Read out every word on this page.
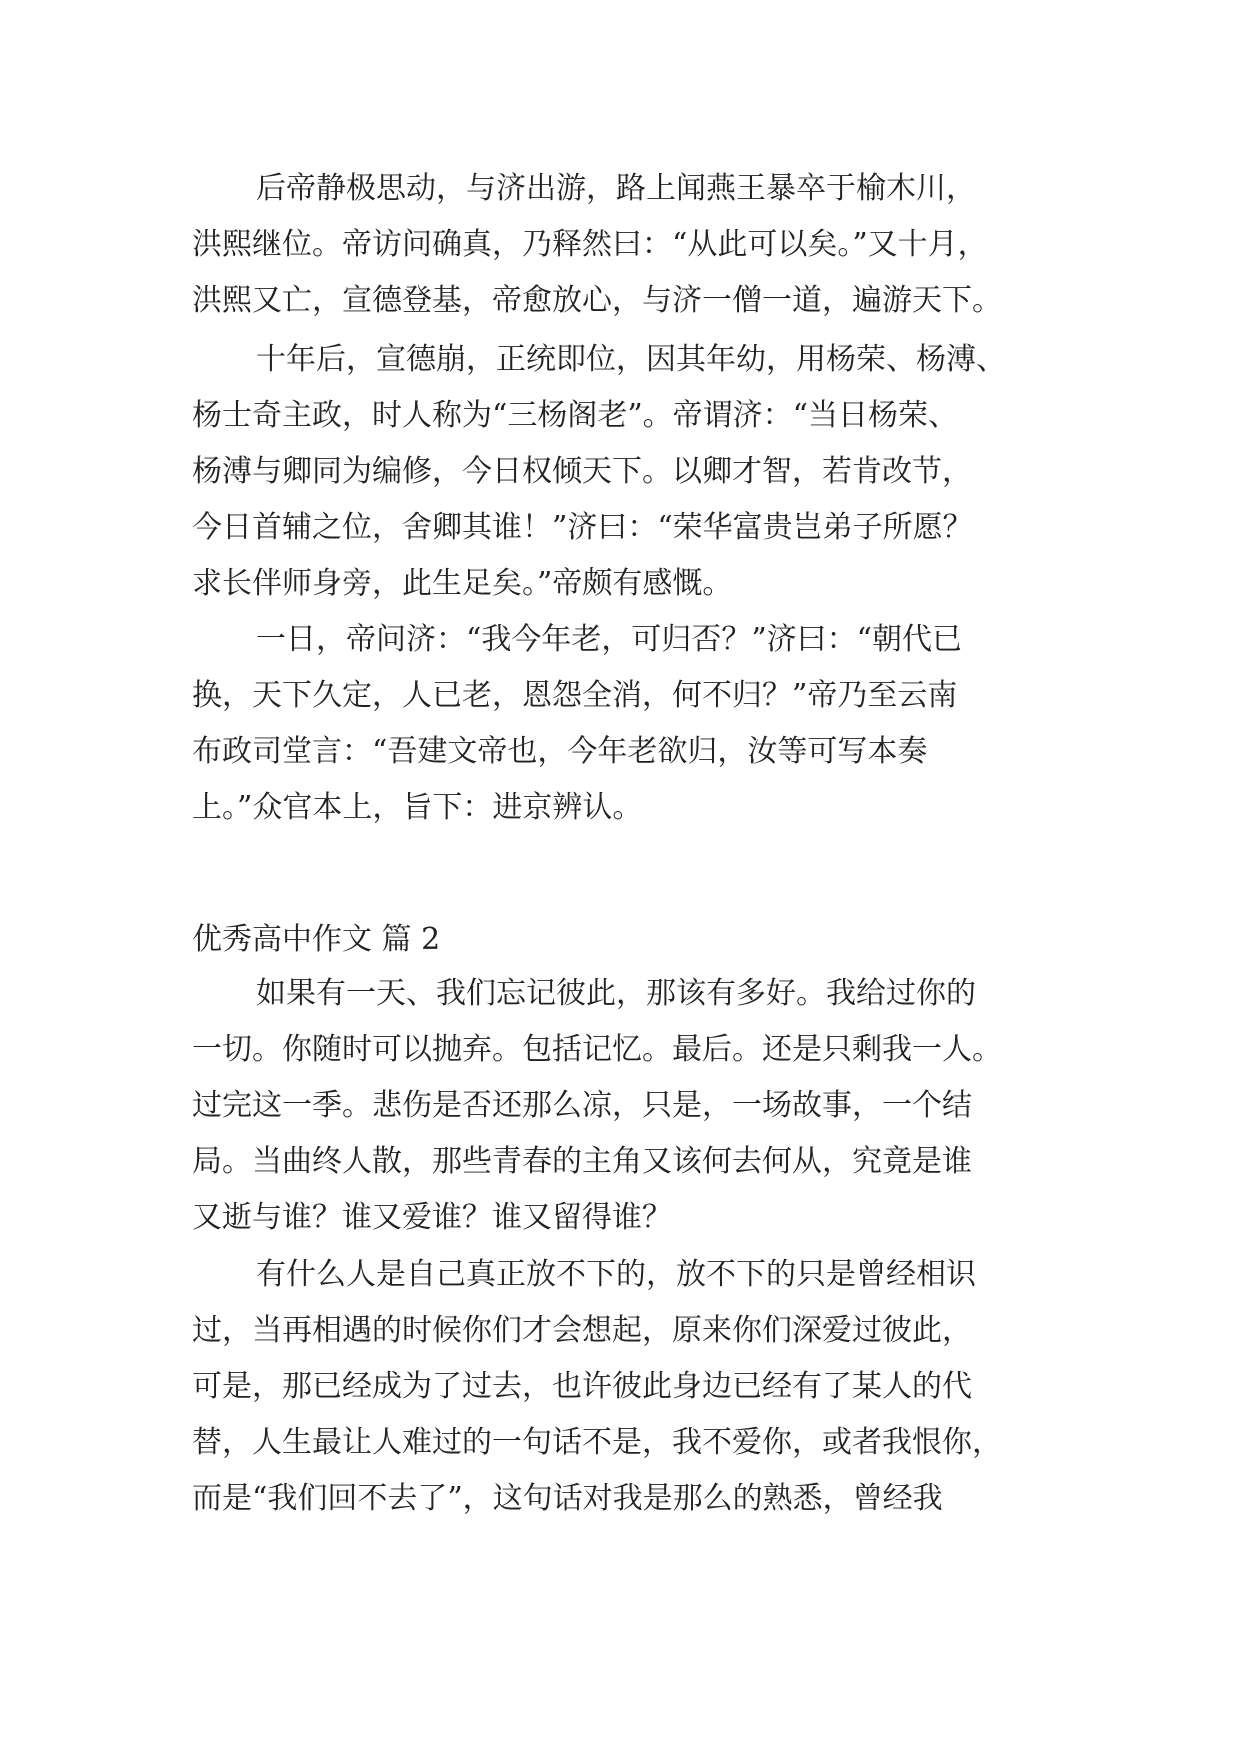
后帝静极思动，与济出游，路上闻燕王暴卒于榆木川，
洪熙继位。帝访问确真，乃释然曰：“从此可以矣。”又十月，
洪熙又亡，宣德登基，帝愈放心，与济一僧一道，遍游天下。
十年后，宣德崩，正统即位，因其年幼，用杨荣、杨溥、
杨士奇主政，时人称为“三杨阁老”。帝谓济：“当日杨荣、
杨溥与卿同为编修，今日权倾天下。以卿才智，若肯改节，
今日首辅之位，舍卿其谁！”济曰：“荣华富贵岂弟子所愿？
求长伴师身旁，此生足矣。”帝颇有感慨。
一日，帝问济：“我今年老，可归否？”济曰：“朝代已
换，天下久定，人已老，恩怨全消，何不归？”帝乃至云南
布政司堂言：“吾建文帝也，今年老欲归，汝等可写本奏
上。”众官本上，旨下：进京辨认。
优秀高中作文 篇 2
如果有一天、我们忘记彼此，那该有多好。我给过你的
一切。你随时可以抛弃。包括记忆。最后。还是只剩我一人。
过完这一季。悲伤是否还那么凉，只是，一场故事，一个结
局。当曲终人散，那些青春的主角又该何去何从，究竟是谁
又逝与谁？谁又爱谁？谁又留得谁？
有什么人是自己真正放不下的，放不下的只是曾经相识
过，当再相遇的时候你们才会想起，原来你们深爱过彼此，
可是，那已经成为了过去，也许彼此身边已经有了某人的代
替，人生最让人难过的一句话不是，我不爱你，或者我恨你，
而是“我们回不去了”，这句话对我是那么的熟悉，曾经我
